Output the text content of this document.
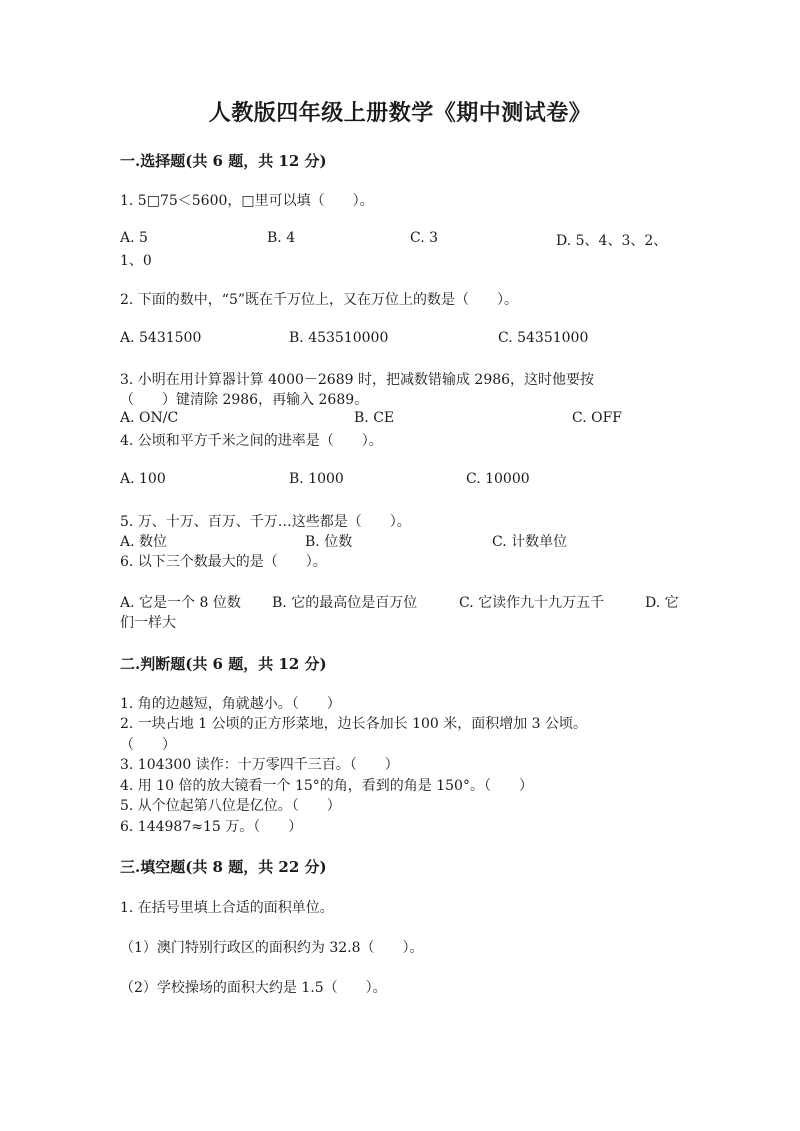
人教版四年级上册数学《期中测试卷》
一.选择题(共 6 题，共 12 分)
1. 5□75＜5600，□里可以填（　　）。
A. 5	B. 4	C. 3	D. 5、4、3、2、
1、0
2. 下面的数中，“5”既在千万位上，又在万位上的数是（　　）。
A. 5431500	B. 453510000	C. 54351000
3. 小明在用计算器计算 4000－2689 时，把减数错输成 2986，这时他要按
（　　）键清除 2986，再输入 2689。
A. ON/C	B. CE	C. OFF
4. 公顷和平方千米之间的进率是（　　）。
A. 100	B. 1000	C. 10000
5. 万、十万、百万、千万…这些都是（　　）。
A. 数位	B. 位数	C. 计数单位
6. 以下三个数最大的是（　　）。
A. 它是一个 8 位数 B. 它的最高位是百万位	C. 它读作九十九万五千	D. 它
们一样大
二.判断题(共 6 题，共 12 分)
1. 角的边越短，角就越小。（　　）
2. 一块占地 1 公顷的正方形菜地，边长各加长 100 米，面积增加 3 公顷。
（　　）
3. 104300 读作：十万零四千三百。（　　）
4. 用 10 倍的放大镜看一个 15°的角，看到的角是 150°。（　　）
5. 从个位起第八位是亿位。（　　）
6. 144987≈15 万。（　　）
三.填空题(共 8 题，共 22 分)
1. 在括号里填上合适的面积单位。
（1）澳门特别行政区的面积约为 32.8（　　）。
（2）学校操场的面积大约是 1.5（　　）。
